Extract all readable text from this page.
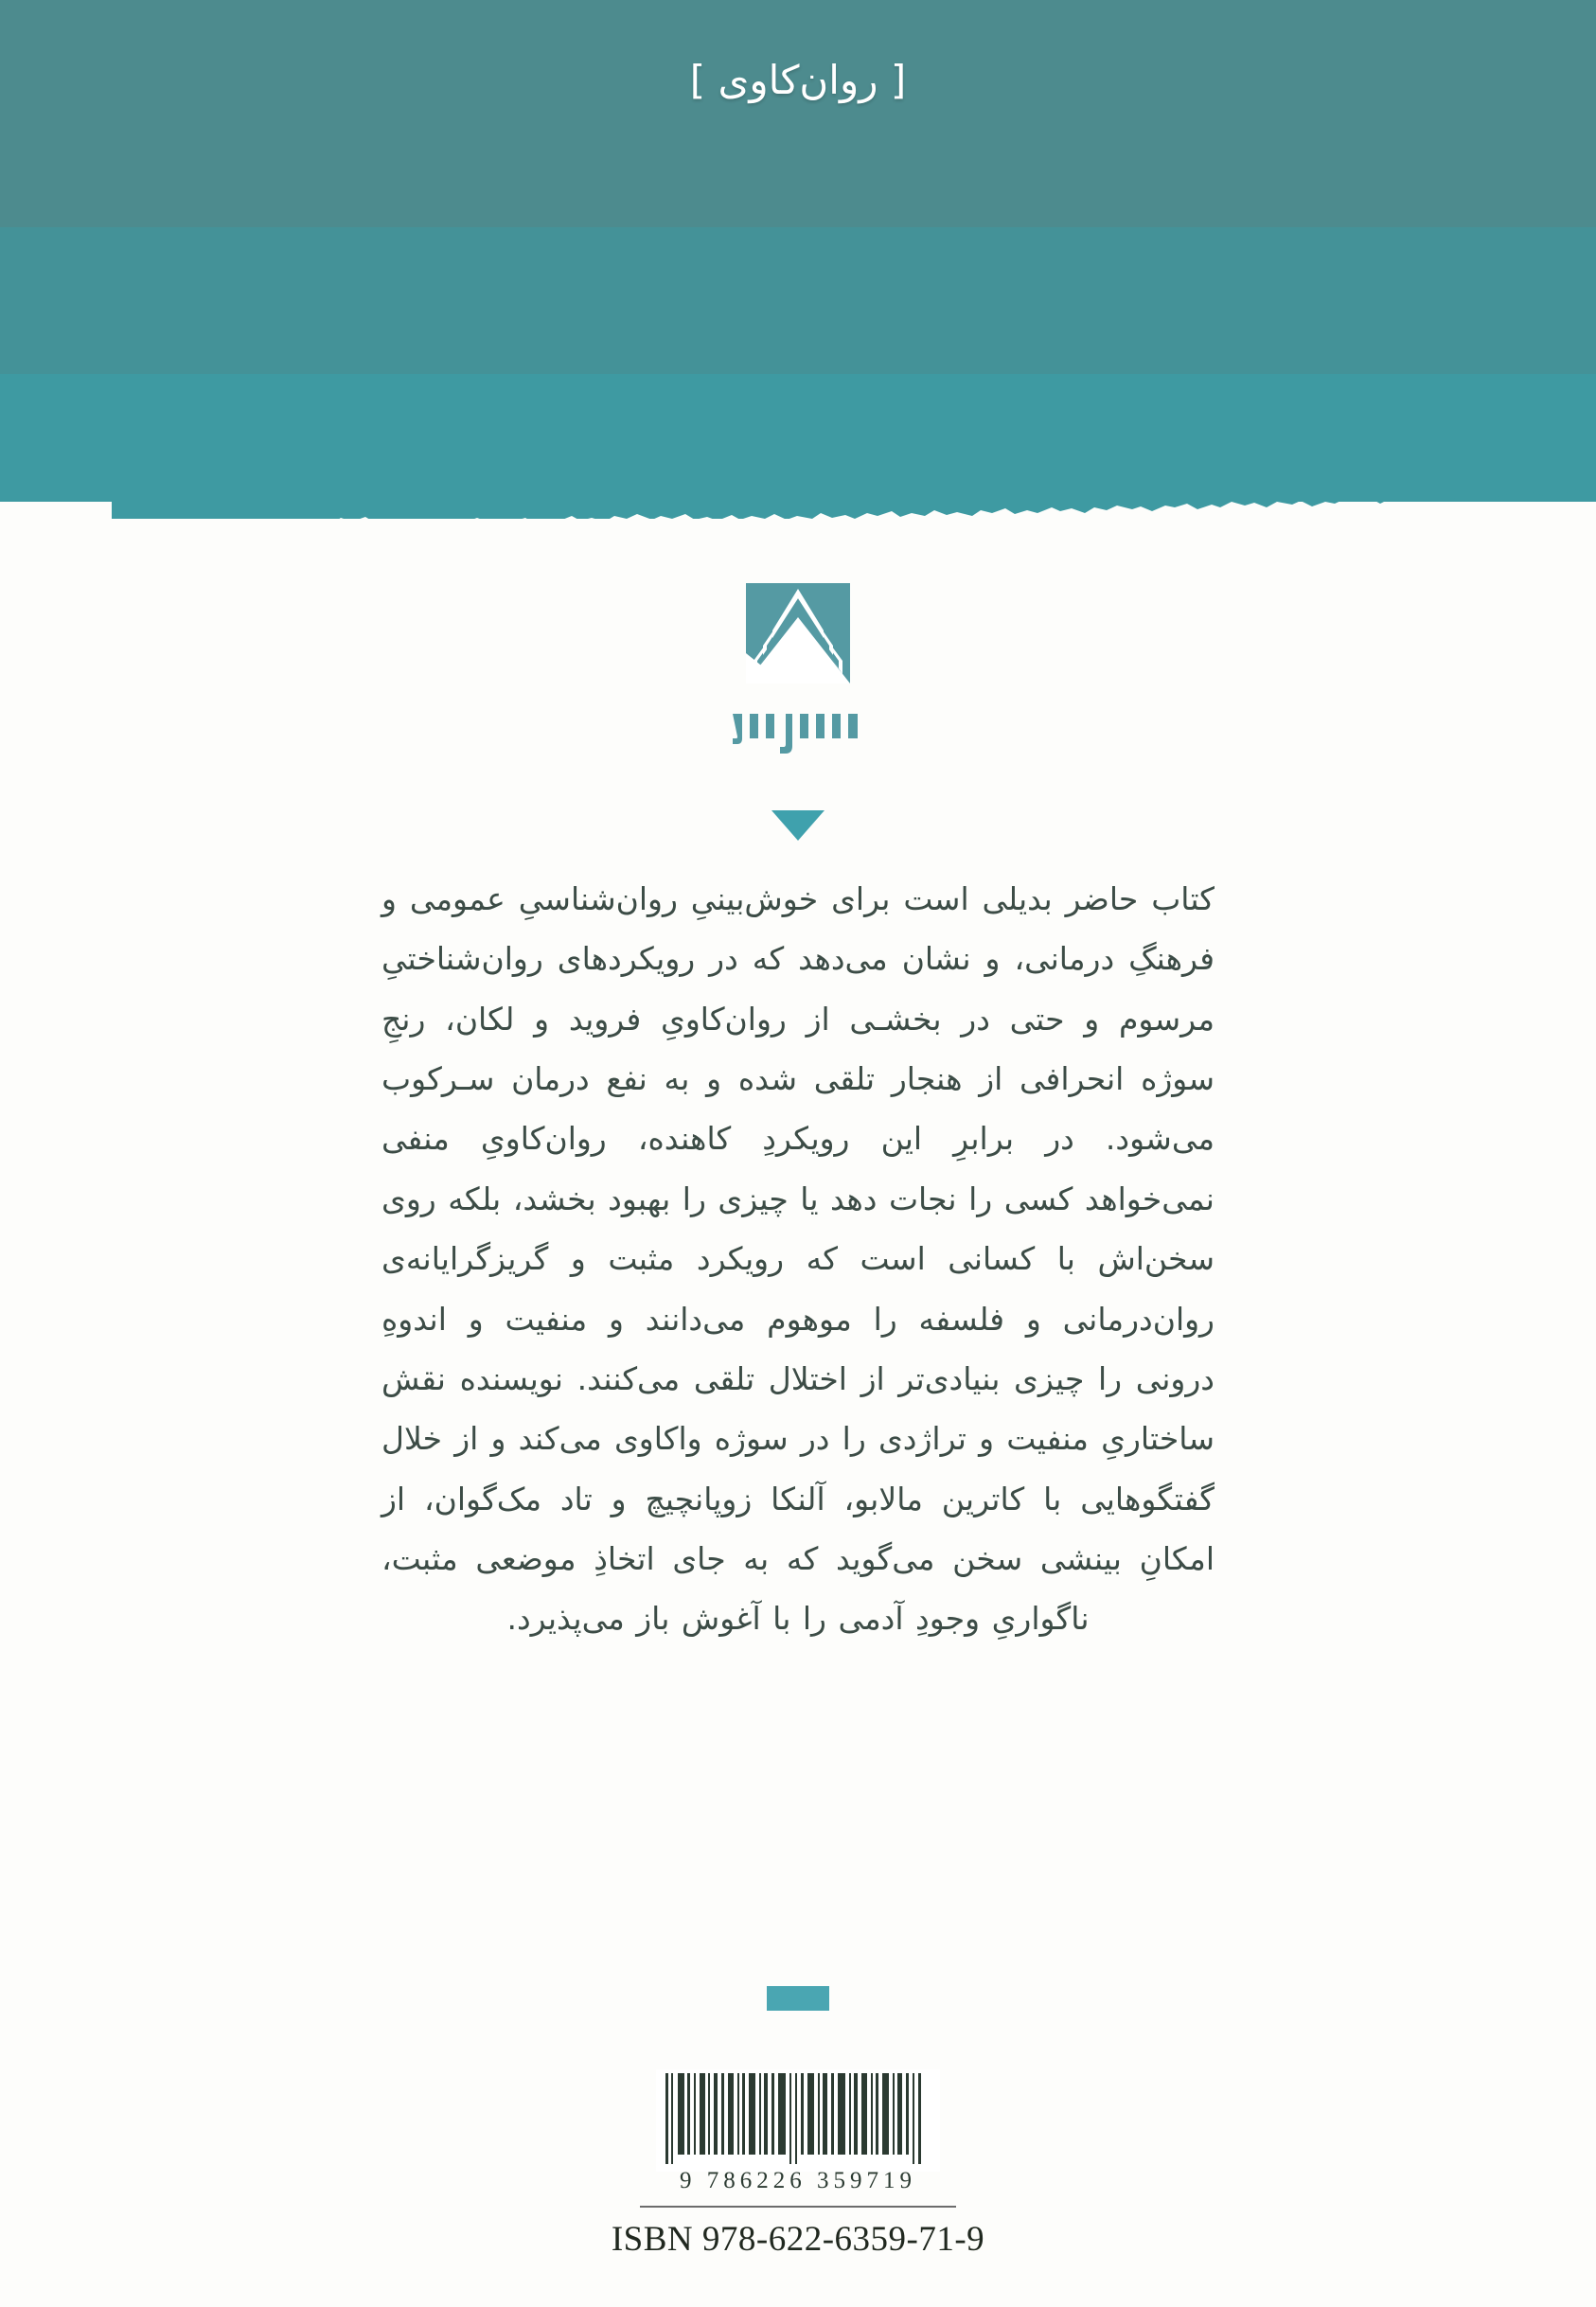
[ روان‌کاوی ]
کتاب حاضر بدیلی است برای خوش‌بینیِ روان‌شناسیِ عمومی و فرهنگِ درمانی، و نشان می‌دهد که در رویکردهای روان‌شناختیِ مرسوم و حتی در بخشـی از روان‌کاویِ فروید و لکان، رنجِ سوژه انحرافی از هنجار تلقی شده و به نفع درمان سـرکوب می‌شود. در برابرِ این رویکردِ کاهنده، روان‌کاویِ منفی نمی‌خواهد کسی را نجات دهد یا چیزی را بهبود بخشد، بلکه روی سخن‌اش با کسانی است که رویکرد مثبت و گریزگرایانه‌ی روان‌درمانی و فلسفه را موهوم می‌دانند و منفیت و اندوهِ درونی را چیزی بنیادی‌تر از اختلال تلقی می‌کنند. نویسنده نقش ساختاریِ منفیت و تراژدی را در سوژه واکاوی می‌کند و از خلال گفتگوهایی با کاترین مالابو، آلنکا زوپانچیچ و تاد مک‌گوان، از امکانِ بینشی سخن می‌گوید که به جای اتخاذِ موضعی مثبت، ناگواریِ وجودِ آدمی را با آغوش باز می‌پذیرد.
9 786226 359719
ISBN 978-622-6359-71-9
